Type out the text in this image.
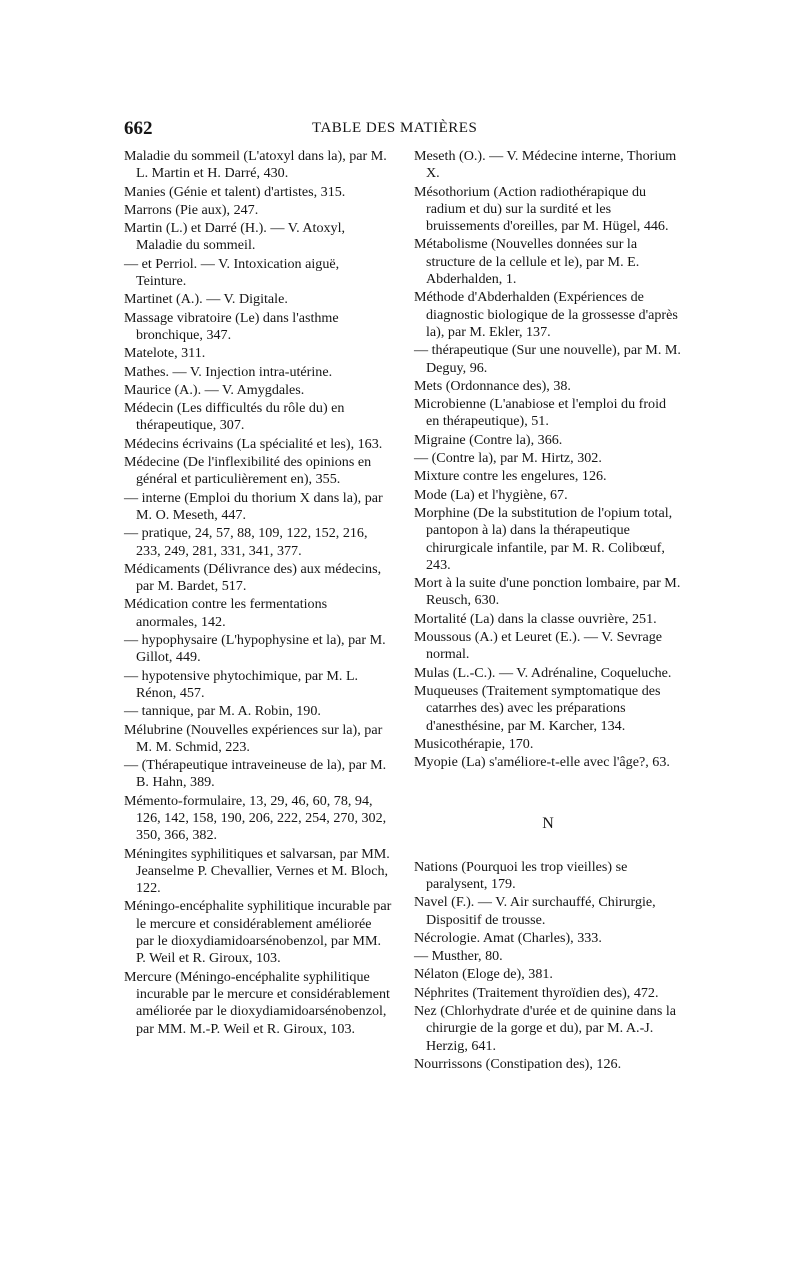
662	TABLE DES MATIÈRES

Maladie du sommeil (L'atoxyl dans la), par M. L. Martin et H. Darré, 430.

Manies (Génie et talent) d'artistes, 315.

Marrons (Pie aux), 247.

Martin (L.) et Darré (H.). — V. Atoxyl, Maladie du sommeil.

— et Perriol. — V. Intoxication aiguë, Teinture.

Martinet (A.). — V. Digitale.

Massage vibratoire (Le) dans l'asthme bronchique, 347.

Matelote, 311.

Mathes. — V. Injection intra-utérine.

Maurice (A.). — V. Amygdales.

Médecin (Les difficultés du rôle du) en thérapeutique, 307.

Médecins écrivains (La spécialité et les), 163.

Médecine (De l'inflexibilité des opinions en général et particulièrement en), 355.

— interne (Emploi du thorium X dans la), par M. O. Meseth, 447.

— pratique, 24, 57, 88, 109, 122, 152, 216, 233, 249, 281, 331, 341, 377.

Médicaments (Délivrance des) aux médecins, par M. Bardet, 517.

Médication contre les fermentations anormales, 142.

— hypophysaire (L'hypophysine et la), par M. Gillot, 449.

— hypotensive phytochimique, par M. L. Rénon, 457.

— tannique, par M. A. Robin, 190.

Mélubrine (Nouvelles expériences sur la), par M. M. Schmid, 223.

— (Thérapeutique intraveineuse de la), par M. B. Hahn, 389.

Mémento-formulaire, 13, 29, 46, 60, 78, 94, 126, 142, 158, 190, 206, 222, 254, 270, 302, 350, 366, 382.

Méningites syphilitiques et salvarsan, par MM. Jeanselme P. Chevallier, Vernes et M. Bloch, 122.

Méningo-encéphalite syphilitique incurable par le mercure et considérablement améliorée par le dioxydiamidoarsénobenzol, par MM. P. Weil et R. Giroux, 103.

Mercure (Méningo-encéphalite syphilitique incurable par le mercure et considérablement améliorée par le dioxydiamidoarsénobenzol, par MM. M.-P. Weil et R. Giroux, 103.

Meseth (O.). — V. Médecine interne, Thorium X.

Mésothorium (Action radiothérapique du radium et du) sur la surdité et les bruissements d'oreilles, par M. Hügel, 446.

Métabolisme (Nouvelles données sur la structure de la cellule et le), par M. E. Abderhalden, 1.

Méthode d'Abderhalden (Expériences de diagnostic biologique de la grossesse d'après la), par M. Ekler, 137.

— thérapeutique (Sur une nouvelle), par M. M. Deguy, 96.

Mets (Ordonnance des), 38.

Microbienne (L'anabiose et l'emploi du froid en thérapeutique), 51.

Migraine (Contre la), 366.

— (Contre la), par M. Hirtz, 302.

Mixture contre les engelures, 126.

Mode (La) et l'hygiène, 67.

Morphine (De la substitution de l'opium total, pantopon à la) dans la thérapeutique chirurgicale infantile, par M. R. Colibœuf, 243.

Mort à la suite d'une ponction lombaire, par M. Reusch, 630.

Mortalité (La) dans la classe ouvrière, 251.

Moussous (A.) et Leuret (E.). — V. Sevrage normal.

Mulas (L.-C.). — V. Adrénaline, Coqueluche.

Muqueuses (Traitement symptomatique des catarrhes des) avec les préparations d'anesthésine, par M. Karcher, 134.

Musicothérapie, 170.

Myopie (La) s'améliore-t-elle avec l'âge?, 63.

N

Nations (Pourquoi les trop vieilles) se paralysent, 179.

Navel (F.). — V. Air surchauffé, Chirurgie, Dispositif de trousse.

Nécrologie. Amat (Charles), 333.

— Musther, 80.

Nélaton (Eloge de), 381.

Néphrites (Traitement thyroïdien des), 472.

Nez (Chlorhydrate d'urée et de quinine dans la chirurgie de la gorge et du), par M. A.-J. Herzig, 641.

Nourrissons (Constipation des), 126.
